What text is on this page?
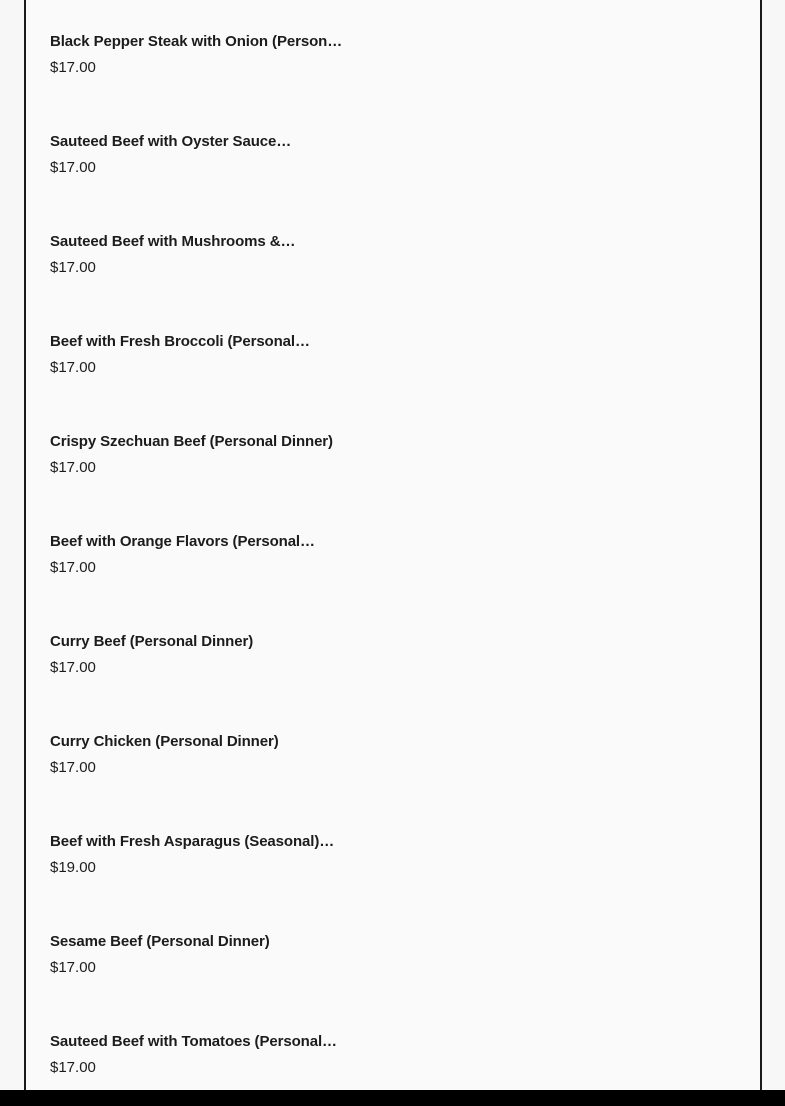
Black Pepper Steak with Onion (Person…
$17.00
Sauteed Beef with Oyster Sauce…
$17.00
Sauteed Beef with Mushrooms &…
$17.00
Beef with Fresh Broccoli (Personal…
$17.00
Crispy Szechuan Beef (Personal Dinner)
$17.00
Beef with Orange Flavors (Personal…
$17.00
Curry Beef (Personal Dinner)
$17.00
Curry Chicken (Personal Dinner)
$17.00
Beef with Fresh Asparagus (Seasonal)…
$19.00
Sesame Beef (Personal Dinner)
$17.00
Sauteed Beef with Tomatoes (Personal…
$17.00
